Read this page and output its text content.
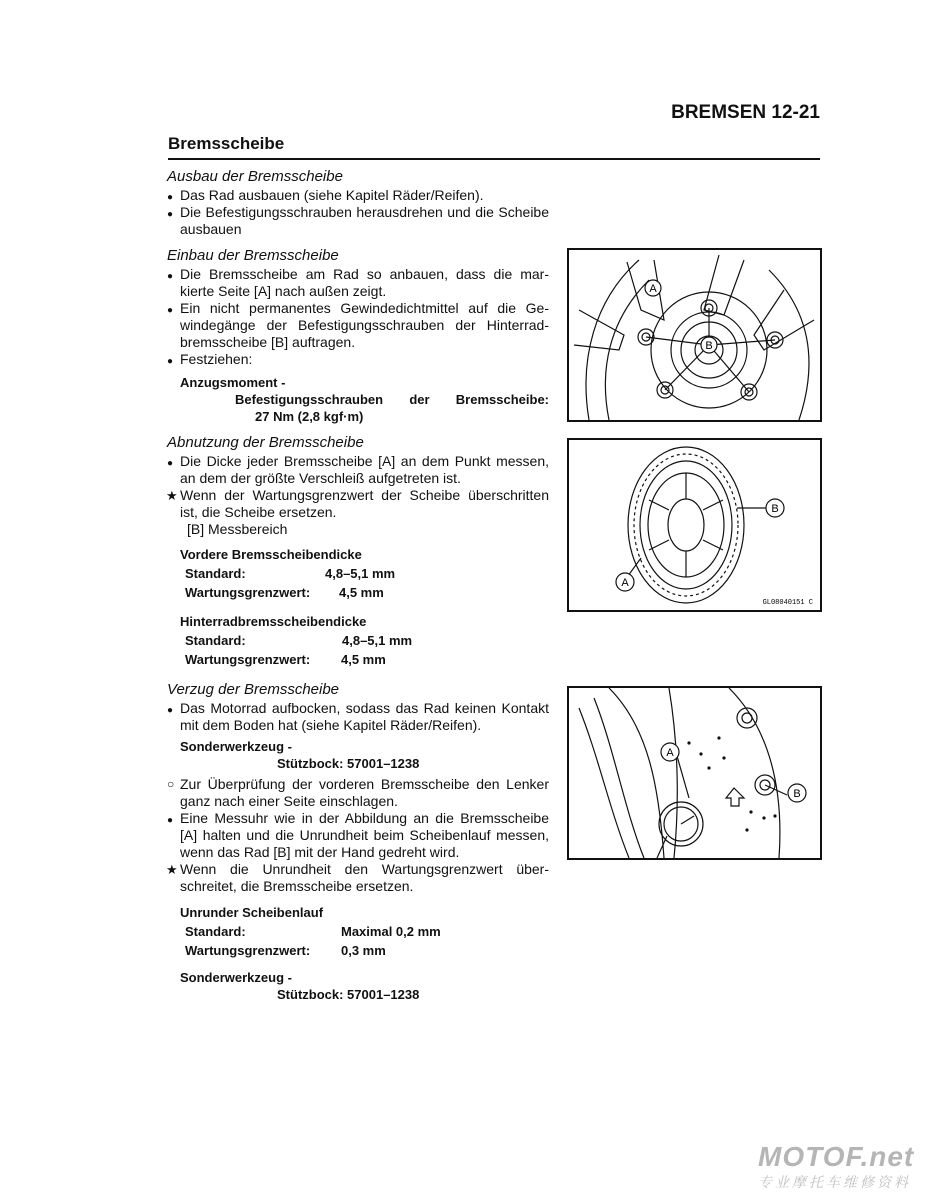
BREMSEN 12-21
Bremsscheibe
Ausbau der Bremsscheibe
● Das Rad ausbauen (siehe Kapitel Räder/Reifen).
● Die Befestigungsschrauben herausdrehen und die Scheibe ausbauen
Einbau der Bremsscheibe
● Die Bremsscheibe am Rad so anbauen, dass die mar-kierte Seite [A] nach außen zeigt.
● Ein nicht permanentes Gewindedichtmittel auf die Ge-windegänge der Befestigungsschrauben der Hinterrad-bremsscheibe [B] auftragen.
● Festziehen:
Anzugsmoment -
Befestigungsschrauben der Bremsscheibe:
27 Nm (2,8 kgf·m)
Abnutzung der Bremsscheibe
● Die Dicke jeder Bremsscheibe [A] an dem Punkt messen, an dem der größte Verschleiß aufgetreten ist.
★ Wenn der Wartungsgrenzwert der Scheibe überschritten ist, die Scheibe ersetzen.
[B] Messbereich
Vordere Bremsscheibendicke
Standard:	4,8–5,1 mm
Wartungsgrenzwert:	4,5 mm
Hinterradbremsscheibendicke
Standard:	4,8–5,1 mm
Wartungsgrenzwert:	4,5 mm
Verzug der Bremsscheibe
● Das Motorrad aufbocken, sodass das Rad keinen Kontakt mit dem Boden hat (siehe Kapitel Räder/Reifen).
Sonderwerkzeug -
Stützbock: 57001–1238
○ Zur Überprüfung der vorderen Bremsscheibe den Lenker ganz nach einer Seite einschlagen.
● Eine Messuhr wie in der Abbildung an die Bremsscheibe [A] halten und die Unrundheit beim Scheibenlauf messen, wenn das Rad [B] mit der Hand gedreht wird.
★ Wenn die Unrundheit den Wartungsgrenzwert über-schreitet, die Bremsscheibe ersetzen.
Unrunder Scheibenlauf
Standard:	Maximal 0,2 mm
Wartungsgrenzwert:	0,3 mm
Sonderwerkzeug -
Stützbock: 57001–1238
A
B
B
A
GL08040151 C
A
B
MOTOF.net
专业摩托车维修资料
